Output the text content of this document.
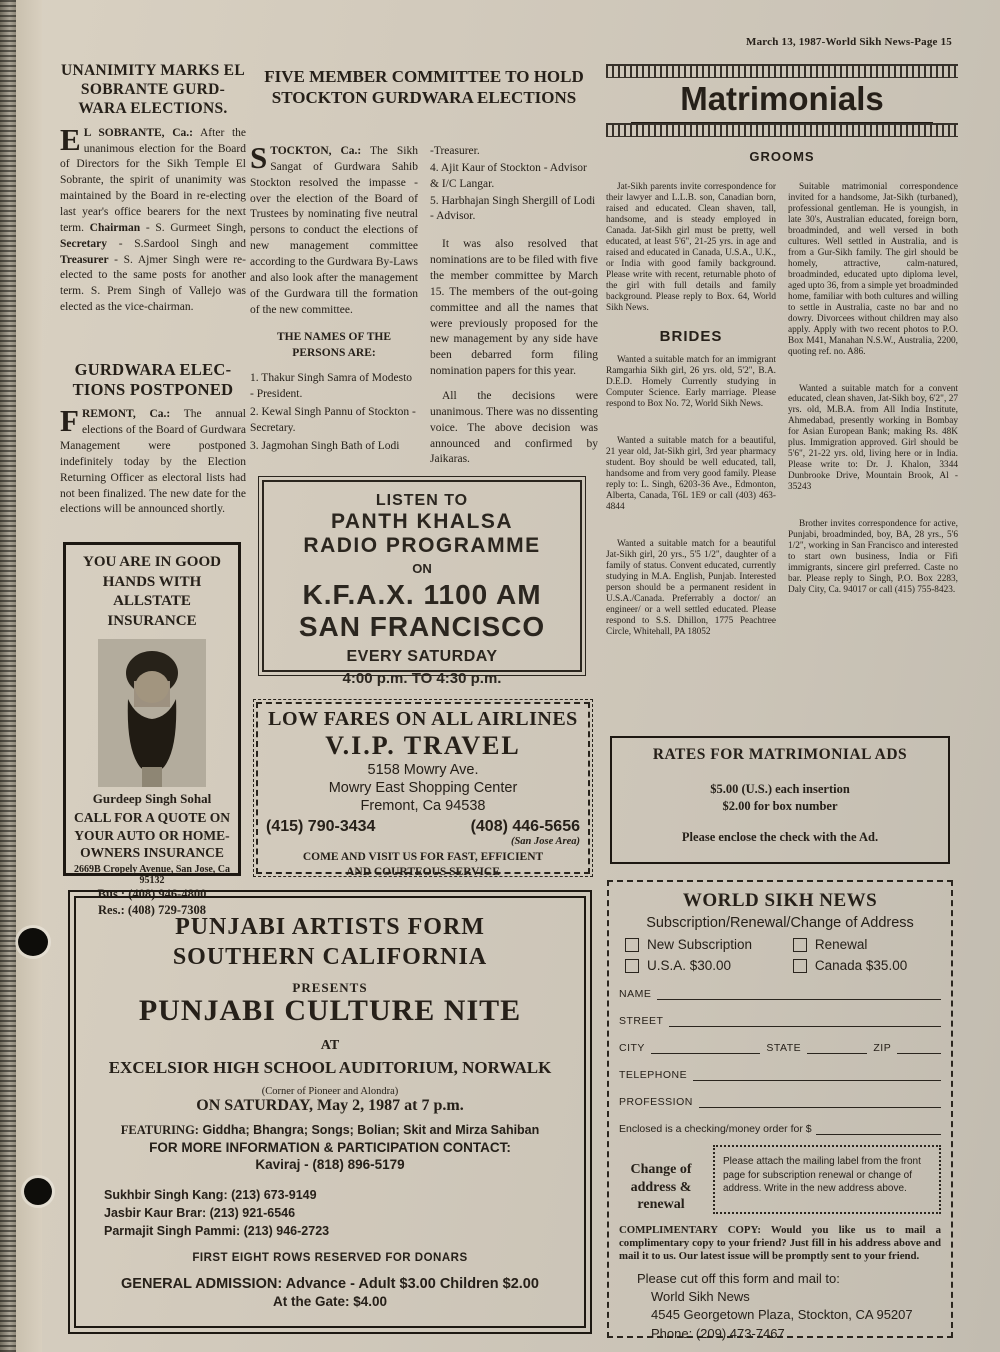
March 13, 1987-World Sikh News-Page 15
UNANIMITY MARKS EL SOBRANTE GURD-WARA ELECTIONS.

E L SOBRANTE, Ca.: After the unanimous election for the Board of Directors for the Sikh Temple El Sobrante, the spirit of unanimity was maintained by the Board in re-electing last year's office bearers for the next term. Chairman - S. Gurmeet Singh, Secretary - S.Sardool Singh and Treasurer - S. Ajmer Singh were re-elected to the same posts for another term. S. Prem Singh of Vallejo was elected as the vice-chairman.

GURDWARA ELEC-TIONS POSTPONED

FREMONT, Ca.: The annual elections of the Board of Gurdwara Management were postponed indefinitely today by the Election Returning Officer as electoral lists had not been finalized. The new date for the elections will be announced shortly.

YOU ARE IN GOOD HANDS WITH ALLSTATE INSURANCE
Gurdeep Singh Sohal
CALL FOR A QUOTE ON YOUR AUTO OR HOME-OWNERS INSURANCE
2669B Cropely Avenue, San Jose, Ca 95132
Bus.: (408) 946-4800
Res.: (408) 729-7308
FIVE MEMBER COMMITTEE TO HOLD STOCKTON GURDWARA ELECTIONS

STOCKTON, Ca.: The Sikh Sangat of Gurdwara Sahib Stockton resolved the impasse - over the election of the Board of Trustees by nominating five neutral persons to conduct the elections of new management committee according to the Gurdwara By-Laws and also look after the management of the Gurdwara till the formation of the new committee.

THE NAMES OF THE PERSONS ARE:

1. Thakur Singh Samra of Modesto - President.

2. Kewal Singh Pannu of Stockton - Secretary.

3. Jagmohan Singh Bath of Lodi

-Treasurer.

4. Ajit Kaur of Stockton - Advisor & I/C Langar.

5. Harbhajan Singh Shergill of Lodi - Advisor.

It was also resolved that nominations are to be filed with five the member committee by March 15. The members of the out-going committee and all the names that were previously proposed for the new management by any side have been debarred form filing nomination papers for this year.

All the decisions were unanimous. There was no dissenting voice. The above decision was announced and confirmed by Jaikaras.

LISTEN TO
PANTH KHALSA
RADIO PROGRAMME
ON
K.F.A.X. 1100 AM
SAN FRANCISCO
EVERY SATURDAY
4:00 p.m. TO 4:30 p.m.
LOW FARES ON ALL AIRLINES
V.I.P. TRAVEL
5158 Mowry Ave.
Mowry East Shopping Center
Fremont, Ca 94538
(415) 790-3434	(408) 446-5656
(San Jose Area)
COME AND VISIT US FOR FAST, EFFICIENT
AND COURTEOUS SERVICE
PUNJABI ARTISTS FORM
SOUTHERN CALIFORNIA
PRESENTS
PUNJABI CULTURE NITE
AT
EXCELSIOR HIGH SCHOOL AUDITORIUM, NORWALK
(Corner of Pioneer and Alondra)
ON SATURDAY, May 2, 1987 at 7 p.m.
FEATURING: Giddha; Bhangra; Songs; Bolian; Skit and Mirza Sahiban
FOR MORE INFORMATION & PARTICIPATION CONTACT:
Kaviraj - (818) 896-5179
Sukhbir Singh Kang: (213) 673-9149
Jasbir Kaur Brar: (213) 921-6546
Parmajit Singh Pammi: (213) 946-2723
FIRST EIGHT ROWS RESERVED FOR DONARS
GENERAL ADMISSION: Advance - Adult $3.00 Children $2.00
At the Gate: $4.00
Matrimonials
GROOMS

Jat-Sikh parents invite correspondence for their lawyer and L.L.B. son, Canadian born, raised and educated. Clean shaven, tall, handsome, and is steady employed in Canada. Jat-Sikh girl must be pretty, well educated, at least 5'6", 21-25 yrs. in age and raised and educated in Canada, U.S.A., U.K., or India with good family background. Please write with recent, returnable photo of the girl with full details and family background. Please reply to Box. 64, World Sikh News.

BRIDES

Wanted a suitable match for an immigrant Ramgarhia Sikh girl, 26 yrs. old, 5'2", B.A. D.E.D. Homely Currently studying in Computer Science. Early marriage. Please respond to Box No. 72, World Sikh News.

Wanted a suitable match for a beautiful, 21 year old, Jat-Sikh girl, 3rd year pharmacy student. Boy should be well educated, tall, handsome and from very good family. Please reply to: L. Singh, 6203-36 Ave., Edmonton, Alberta, Canada, T6L 1E9 or call (403) 463-4844

Wanted a suitable match for a beautiful Jat-Sikh girl, 20 yrs., 5'5 1/2", daughter of a family of status. Convent educated, currently studying in M.A. English, Punjab. Interested person should be a permanent resident in U.S.A./Canada. Preferrably a doctor/ an engineer/ or a well settled educated. Please respond to S.S. Dhillon, 1775 Peachtree Circle, Whitehall, PA 18052

Suitable matrimonial correspondence invited for a handsome, Jat-Sikh (turbaned), professional gentleman. He is youngish, in late 30's, Australian educated, foreign born, broadminded, and well versed in both cultures. Well settled in Australia, and is from a Gur-Sikh family. The girl should be homely, attractive, calm-natured, broadminded, educated upto diploma level, aged upto 36, from a simple yet broadminded home, familiar with both cultures and willing to settle in Australia, caste no bar and no dowry. Divorcees without children may also apply. Apply with two recent photos to P.O. Box M41, Manahan N.S.W., Australia, 2200, quoting ref. no. A86.

Wanted a suitable match for a convent educated, clean shaven, Jat-Sikh boy, 6'2", 27 yrs. old, M.B.A. from All India Institute, Ahmedabad, presently working in Bombay for Asian European Bank; making Rs. 48K plus. Immigration approved. Girl should be 5'6", 21-22 yrs. old, living here or in India. Please write to: Dr. J. Khalon, 3344 Dunbrooke Drive, Mountain Brook, Al - 35243

Brother invites correspondence for active, Punjabi, broadminded, boy, BA, 28 yrs., 5'6 1/2", working in San Francisco and interested to start own business, India or Fifi immigrants, sincere girl preferred. Caste no bar. Please reply to Singh, P.O. Box 2283, Daly City, Ca. 94017 or call (415) 755-8423.

RATES FOR MATRIMONIAL ADS
$5.00 (U.S.) each insertion
$2.00 for box number
Please enclose the check with the Ad.
WORLD SIKH NEWS
Subscription/Renewal/Change of Address
New Subscription	Renewal
U.S.A. $30.00	Canada $35.00
NAME
STREET
CITY	STATE	ZIP
TELEPHONE
PROFESSION
Enclosed is a checking/money order for $
Change of address & renewal
Please attach the mailing label from the front page for subscription renewal or change of address. Write in the new address above.

COMPLIMENTARY COPY: Would you like us to mail a complimentary copy to your friend? Just fill in his address above and mail it to us. Our latest issue will be promptly sent to your friend.

Please cut off this form and mail to:
World Sikh News
4545 Georgetown Plaza, Stockton, CA 95207
Phone: (209) 473-7467
